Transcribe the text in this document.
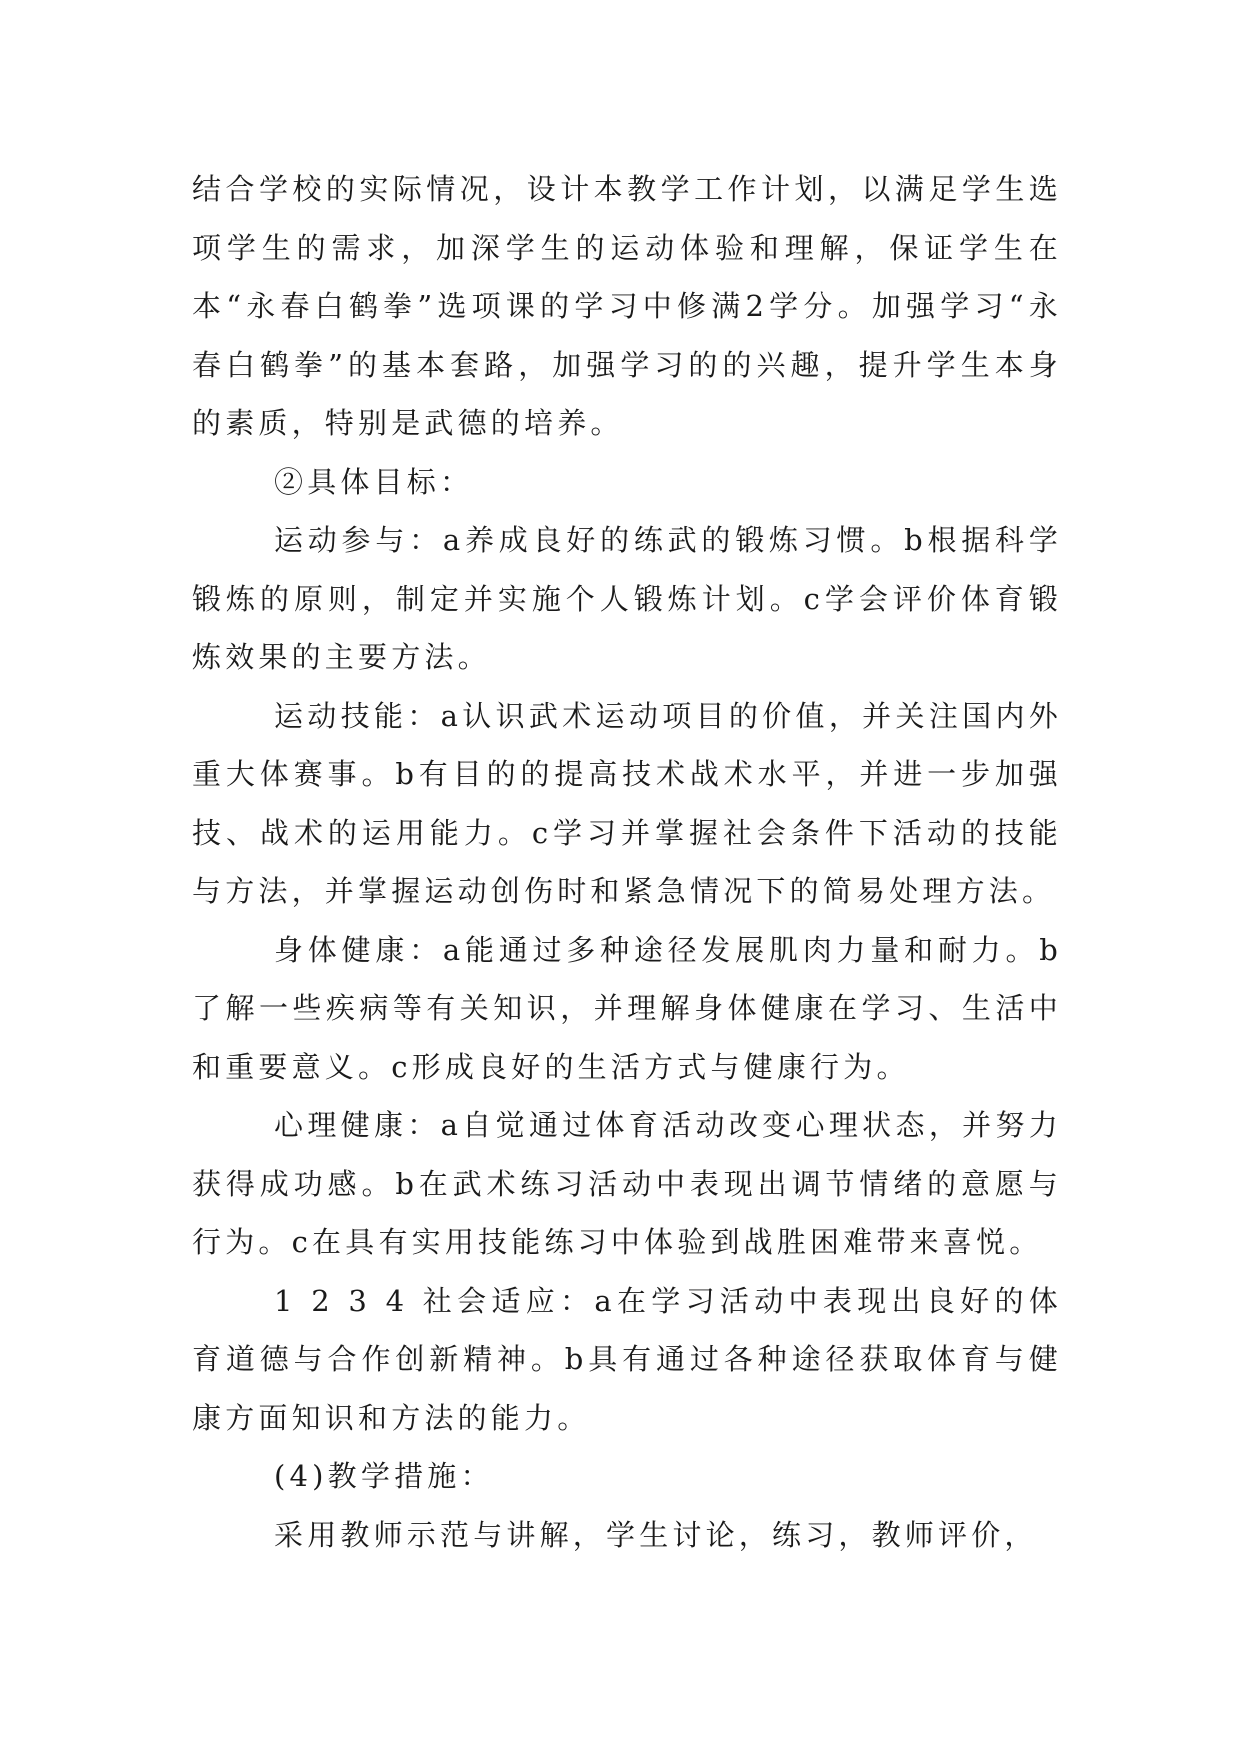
结合学校的实际情况，设计本教学工作计划，以满足学生选项学生的需求，加深学生的运动体验和理解，保证学生在本“永春白鹤拳”选项课的学习中修满2学分。加强学习“永春白鹤拳”的基本套路，加强学习的的兴趣，提升学生本身的素质，特别是武德的培养。

②具体目标：

运动参与：a养成良好的练武的锻炼习惯。b根据科学锻炼的原则，制定并实施个人锻炼计划。c学会评价体育锻炼效果的主要方法。

运动技能：a认识武术运动项目的价值，并关注国内外重大体赛事。b有目的的提高技术战术水平，并进一步加强技、战术的运用能力。c学习并掌握社会条件下活动的技能与方法，并掌握运动创伤时和紧急情况下的简易处理方法。

身体健康：a能通过多种途径发展肌肉力量和耐力。b了解一些疾病等有关知识，并理解身体健康在学习、生活中和重要意义。c形成良好的生活方式与健康行为。

心理健康：a自觉通过体育活动改变心理状态，并努力获得成功感。b在武术练习活动中表现出调节情绪的意愿与行为。c在具有实用技能练习中体验到战胜困难带来喜悦。

1 2 3 4 社会适应：a在学习活动中表现出良好的体育道德与合作创新精神。b具有通过各种途径获取体育与健康方面知识和方法的能力。

(4)教学措施：

采用教师示范与讲解，学生讨论，练习，教师评价，
